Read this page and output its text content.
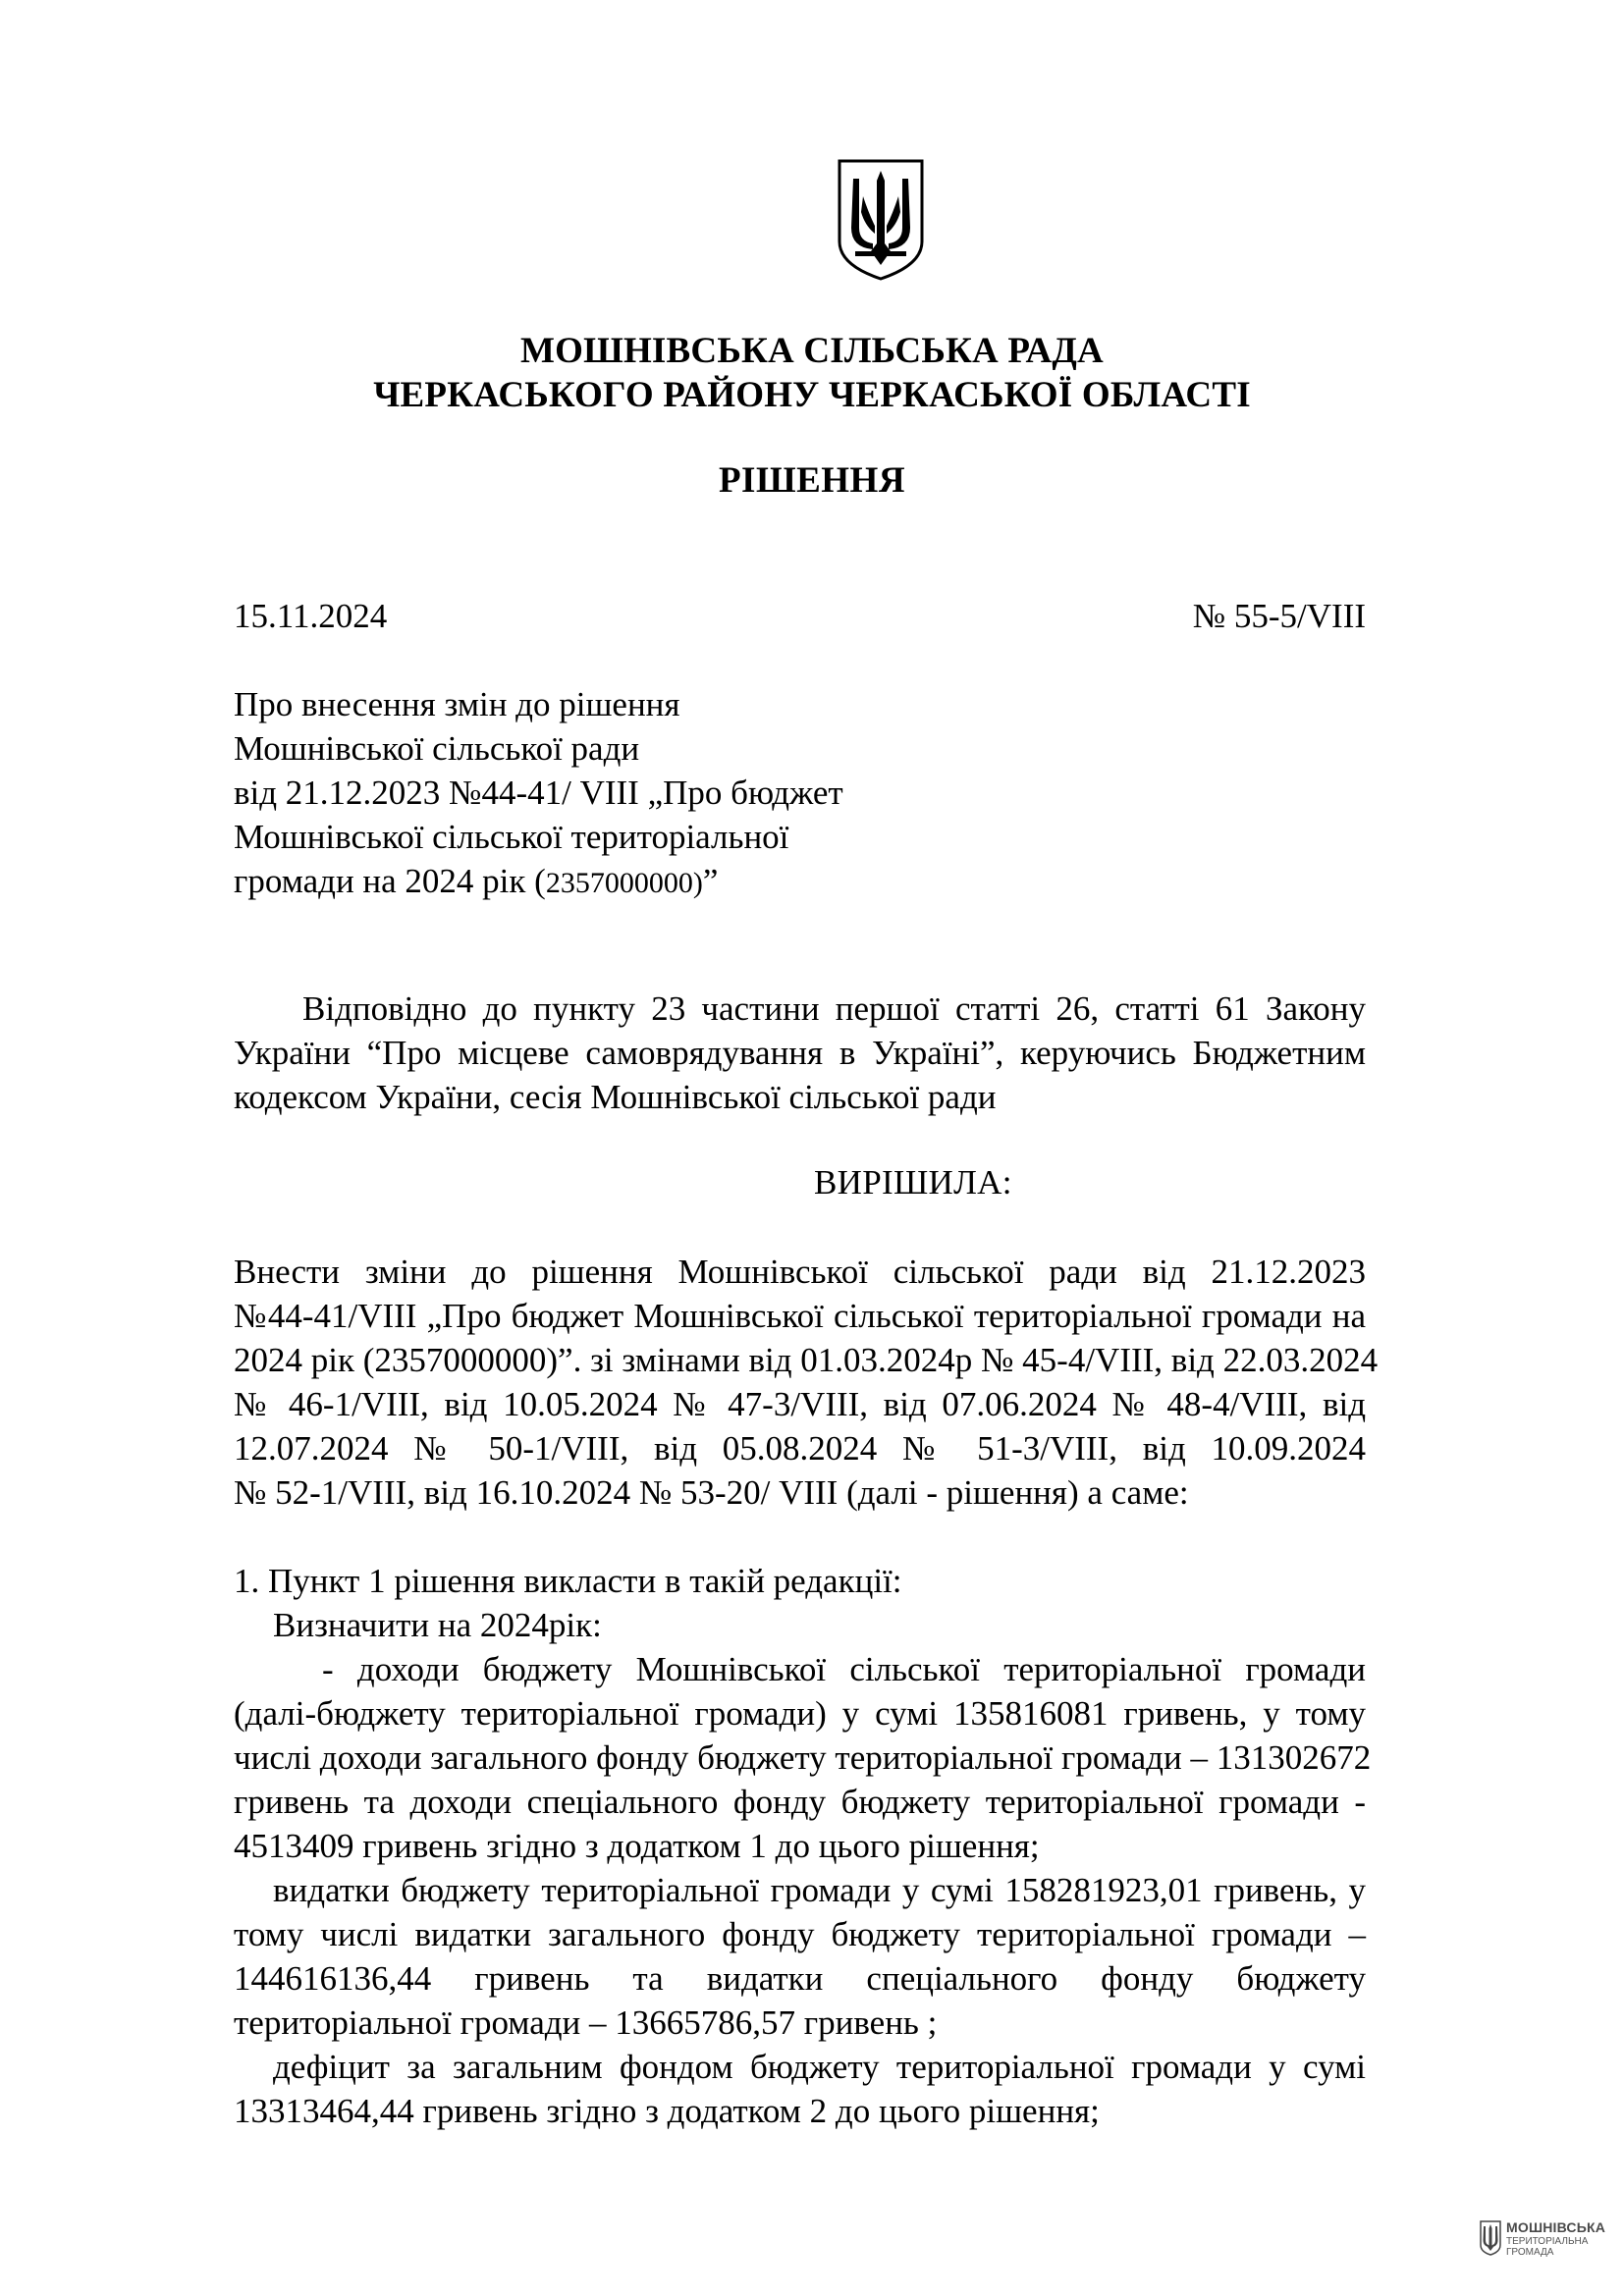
МОШНІВСЬКА СІЛЬСЬКА РАДА
ЧЕРКАСЬКОГО РАЙОНУ ЧЕРКАСЬКОЇ ОБЛАСТІ
РІШЕННЯ
15.11.2024	№ 55-5/VIII
Про внесення змін до рішення
Мошнівської сільської ради
від 21.12.2023 №44-41/ VIII „Про бюджет
Мошнівської сільської територіальної
громади на 2024 рік (2357000000)”
Відповідно до пункту 23 частини першої статті 26, статті 61 Закону
України “Про місцеве самоврядування в Україні”, керуючись Бюджетним
кодексом України, сесія Мошнівської сільської ради
ВИРІШИЛА:
Внести зміни до рішення Мошнівської сільської ради від 21.12.2023
№44-41/VIII „Про бюджет Мошнівської сільської територіальної громади на
2024 рік (2357000000)”. зі змінами від 01.03.2024р № 45-4/VIII, від 22.03.2024
№ 46-1/VIII, від 10.05.2024 № 47-3/VIII, від 07.06.2024 № 48-4/VIII, від
12.07.2024 № 50-1/VIII, від 05.08.2024 № 51-3/VIII, від 10.09.2024
№ 52-1/VIII, від 16.10.2024 № 53-20/ VIII (далі - рішення) а саме:
1. Пункт 1 рішення викласти в такій редакції:
Визначити на 2024рік:
- доходи бюджету Мошнівської сільської територіальної громади
(далі-бюджету територіальної громади) у сумі 135816081 гривень, у тому
числі доходи загального фонду бюджету територіальної громади – 131302672
гривень та доходи спеціального фонду бюджету територіальної громади -
4513409 гривень згідно з додатком 1 до цього рішення;
видатки бюджету територіальної громади у сумі 158281923,01 гривень, у
тому числі видатки загального фонду бюджету територіальної громади –
144616136,44 гривень та видатки спеціального фонду бюджету
територіальної громади – 13665786,57 гривень ;
дефіцит за загальним фондом бюджету територіальної громади у сумі
13313464,44 гривень згідно з додатком 2 до цього рішення;
МОШНІВСЬКА
ТЕРИТОРІАЛЬНА
ГРОМАДА
